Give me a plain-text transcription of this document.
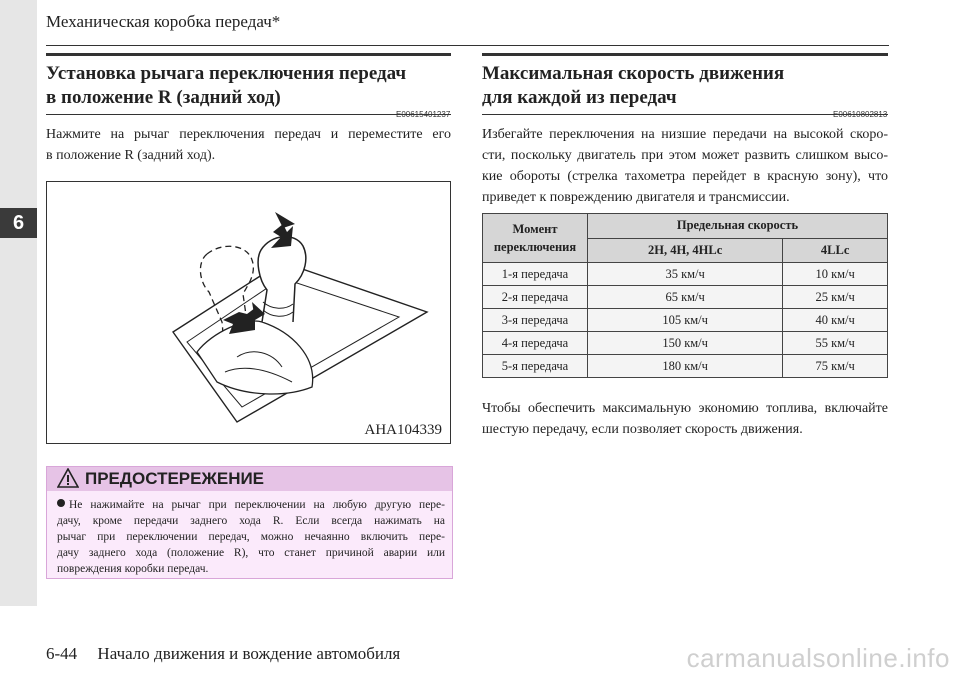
6
Механическая коробка передач*
Установка рычага переключения передач
в положение R (задний ход)
E00615401237
Нажмите на рычаг переключения передач и переместите его
в положение R (задний ход).
AHA104339
ПРЕДОСТЕРЕЖЕНИЕ
Не нажимайте на рычаг при переключении на любую другую пере-
дачу, кроме передачи заднего хода R. Если всегда нажимать на
рычаг при переключении передач, можно нечаянно включить пере-
дачу заднего хода (положение R), что станет причиной аварии или
повреждения коробки передач.
Максимальная скорость движения
для каждой из передач
E00610802813
Избегайте переключения на низшие передачи на высокой скоро-
сти, поскольку двигатель при этом может развить слишком высо-
кие обороты (стрелка тахометра перейдет в красную зону), что
приведет к повреждению двигателя и трансмиссии.
Момент
переключения	Предельная скорость	
	2H, 4H, 4HLc	4LLc
1-я передача	35 км/ч	10 км/ч
2-я передача	65 км/ч	25 км/ч
3-я передача	105 км/ч	40 км/ч
4-я передача	150 км/ч	55 км/ч
5-я передача	180 км/ч	75 км/ч
Чтобы обеспечить максимальную экономию топлива, включайте
шестую передачу, если позволяет скорость движения.
6-44 Начало движения и вождение автомобиля	carmanualsonline.info
